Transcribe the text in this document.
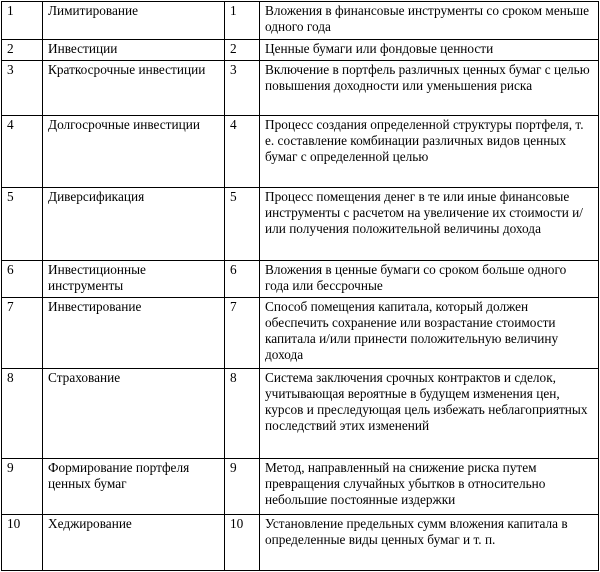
1	Лимитирование	1	Вложения в финансовые инструменты со сроком меньше одного года
2	Инвестиции	2	Ценные бумаги или фондовые ценности
3	Краткосрочные инвестиции	3	Включение в портфель различных ценных бумаг с целью повышения доходности или уменьшения риска
4	Долгосрочные инвестиции	4	Процесс создания определенной структуры портфеля, т. е. составление комбинации различных видов ценных бумаг с определенной целью
5	Диверсификация	5	Процесс помещения денег в те или иные финансовые инструменты с расчетом на увеличение их стоимости и/или получения положительной величины дохода
6	Инвестиционные инструменты	6	Вложения в ценные бумаги со сроком больше одного года или бессрочные
7	Инвестирование	7	Способ помещения капитала, который должен обеспечить сохранение или возрастание стоимости капитала и/или принести положительную величину дохода
8	Страхование	8	Система заключения срочных контрактов и сделок, учитывающая вероятные в будущем изменения цен, курсов и преследующая цель избежать неблагоприятных последствий этих изменений
9	Формирование портфеля ценных бумаг	9	Метод, направленный на снижение риска путем превращения случайных убытков в относительно небольшие постоянные издержки
10	Хеджирование	10	Установление предельных сумм вложения капитала в определенные виды ценных бумаг и т. п.
